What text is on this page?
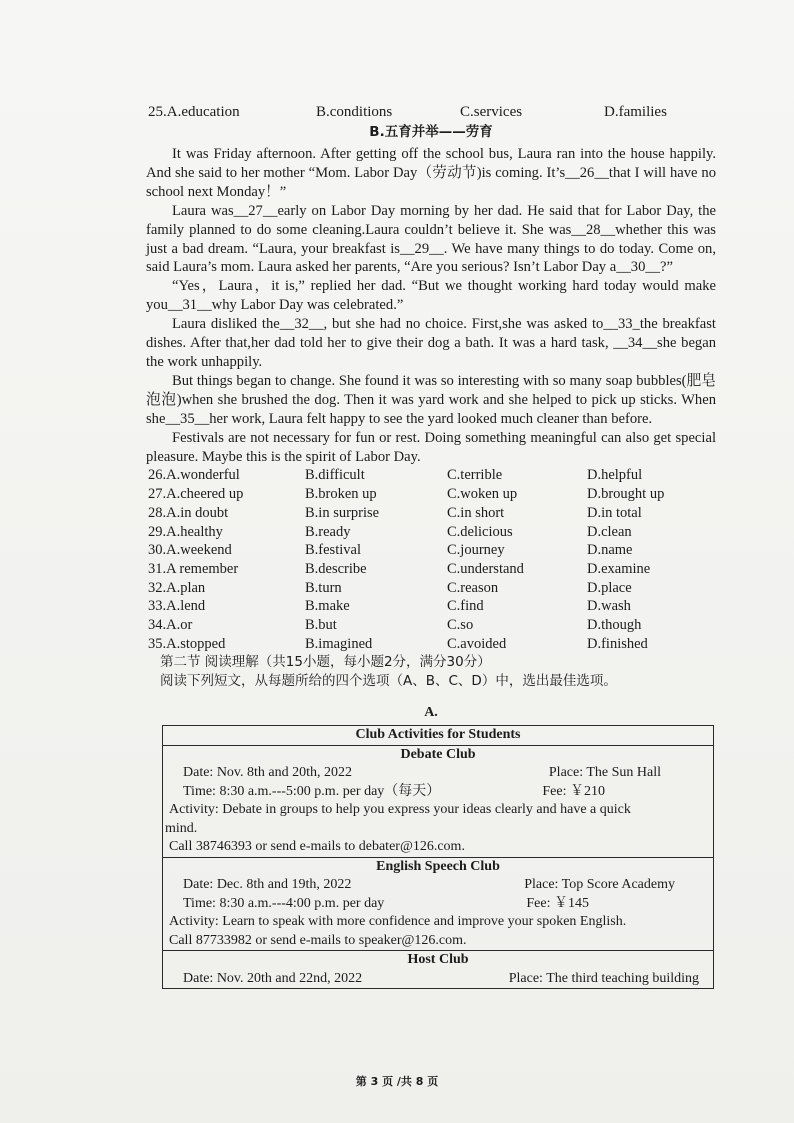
25.A.education	B.conditions	C.services	D.families
B.五育并举——劳育

It was Friday afternoon. After getting off the school bus, Laura ran into the house happily. And she said to her mother “Mom. Labor Day（劳动节)is coming. It’s__26__that I will have no school next Monday！”

Laura was__27__early on Labor Day morning by her dad. He said that for Labor Day, the family planned to do some cleaning.Laura couldn’t believe it. She was__28__whether this was just a bad dream. “Laura, your breakfast is__29__. We have many things to do today. Come on, said Laura’s mom. Laura asked her parents, “Are you serious? Isn’t Labor Day a__30__?”

“Yes，Laura，it is,” replied her dad. “But we thought working hard today would make you__31__why Labor Day was celebrated.”

Laura disliked the__32__, but she had no choice. First,she was asked to__33_the breakfast dishes. After that,her dad told her to give their dog a bath. It was a hard task, __34__she began the work unhappily.

But things began to change. She found it was so interesting with so many soap bubbles(肥皂泡泡)when she brushed the dog. Then it was yard work and she helped to pick up sticks. When she__35__her work, Laura felt happy to see the yard looked much cleaner than before.

Festivals are not necessary for fun or rest. Doing something meaningful can also get special pleasure. Maybe this is the spirit of Labor Day.

26.A.wonderful	B.difficult	C.terrible	D.helpful
27.A.cheered up	B.broken up	C.woken up	D.brought up
28.A.in doubt	B.in surprise	C.in short	D.in total
29.A.healthy	B.ready	C.delicious	D.clean
30.A.weekend	B.festival	C.journey	D.name
31.A remember	B.describe	C.understand	D.examine
32.A.plan	B.turn	C.reason	D.place
33.A.lend	B.make	C.find	D.wash
34.A.or	B.but	C.so	D.though
35.A.stopped	B.imagined	C.avoided	D.finished
第二节 阅读理解（共15小题，每小题2分，满分30分）
阅读下列短文，从每题所给的四个选项（A、B、C、D）中，选出最佳选项。
A.
Club Activities for Students
Debate Club

Date: Nov. 8th and 20th, 2022	Place: The Sun Hall

Time: 8:30 a.m.---5:00 p.m. per day（每天）	Fee: ￥210

Activity: Debate in groups to help you express your ideas clearly and have a quick
mind.
Call 38746393 or send e-mails to debater@126.com.
English Speech Club

Date: Dec. 8th and 19th, 2022	Place: Top Score Academy

Time: 8:30 a.m.---4:00 p.m. per day	Fee: ￥145

Activity: Learn to speak with more confidence and improve your spoken English.
Call 87733982 or send e-mails to speaker@126.com.
Host Club

Date: Nov. 20th and 22nd, 2022	Place: The third teaching building
第 3 页 /共 8 页
